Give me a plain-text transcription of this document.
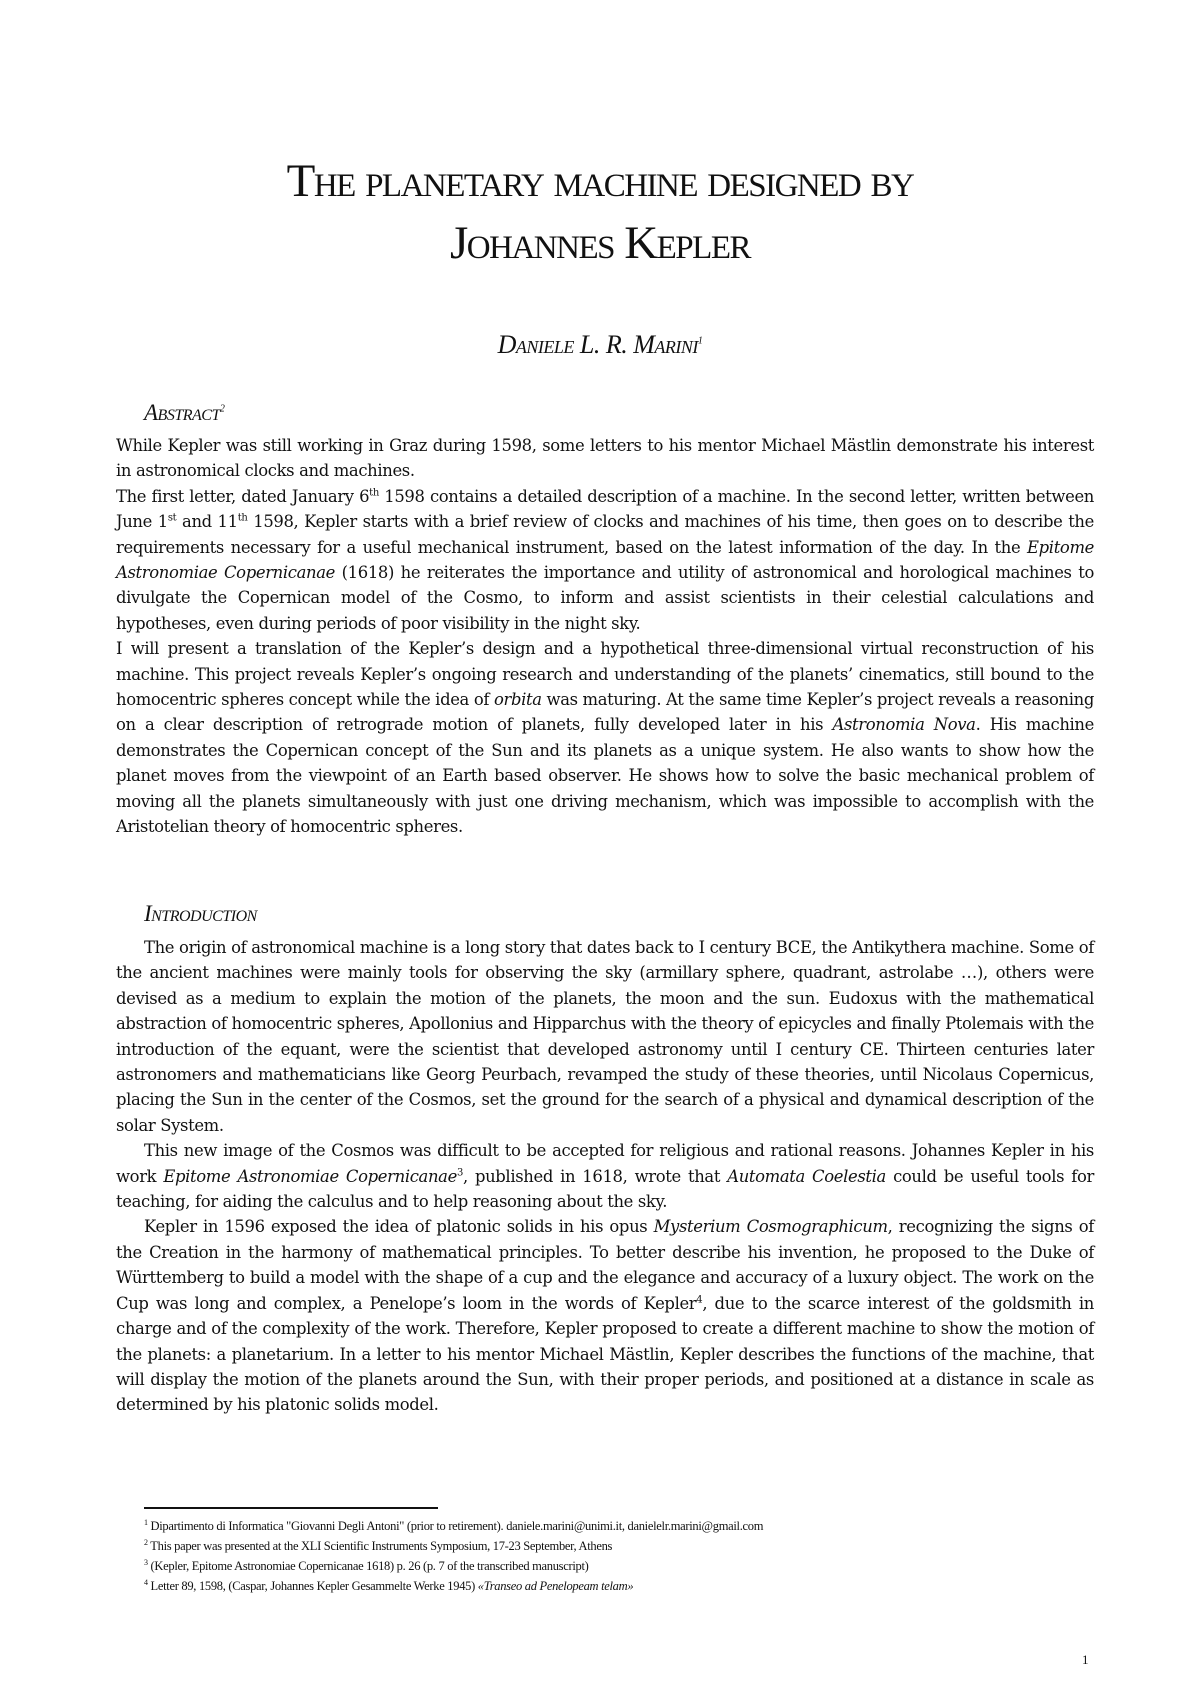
The planetary machine designed by
Johannes Kepler
Daniele L. R. Marini$^1$
Abstract$^2$

While Kepler was still working in Graz during 1598, some letters to his mentor Michael Mästlin demonstrate his interest in astronomical clocks and machines.

The first letter, dated January 6th 1598 contains a detailed description of a machine. In the second letter, written between June 1st and 11th 1598, Kepler starts with a brief review of clocks and machines of his time, then goes on to describe the requirements necessary for a useful mechanical instrument, based on the latest information of the day. In the Epitome Astronomiae Copernicanae (1618) he reiterates the importance and utility of astronomical and horological machines to divulgate the Copernican model of the Cosmo, to inform and assist scientists in their celestial calculations and hypotheses, even during periods of poor visibility in the night sky.

I will present a translation of the Kepler’s design and a hypothetical three-dimensional virtual reconstruction of his machine. This project reveals Kepler’s ongoing research and understanding of the planets’ cinematics, still bound to the homocentric spheres concept while the idea of orbita was maturing. At the same time Kepler’s project reveals a reasoning on a clear description of retrograde motion of planets, fully developed later in his Astronomia Nova. His machine demonstrates the Copernican concept of the Sun and its planets as a unique system. He also wants to show how the planet moves from the viewpoint of an Earth based observer. He shows how to solve the basic mechanical problem of moving all the planets simultaneously with just one driving mechanism, which was impossible to accomplish with the Aristotelian theory of homocentric spheres.

Introduction

The origin of astronomical machine is a long story that dates back to I century BCE, the Antikythera machine. Some of the ancient machines were mainly tools for observing the sky (armillary sphere, quadrant, astrolabe …), others were devised as a medium to explain the motion of the planets, the moon and the sun. Eudoxus with the mathematical abstraction of homocentric spheres, Apollonius and Hipparchus with the theory of epicycles and finally Ptolemais with the introduction of the equant, were the scientist that developed astronomy until I century CE. Thirteen centuries later astronomers and mathematicians like Georg Peurbach, revamped the study of these theories, until Nicolaus Copernicus, placing the Sun in the center of the Cosmos, set the ground for the search of a physical and dynamical description of the solar System.

This new image of the Cosmos was difficult to be accepted for religious and rational reasons. Johannes Kepler in his work Epitome Astronomiae Copernicanae$^3$, published in 1618, wrote that Automata Coelestia could be useful tools for teaching, for aiding the calculus and to help reasoning about the sky.

Kepler in 1596 exposed the idea of platonic solids in his opus Mysterium Cosmographicum, recognizing the signs of the Creation in the harmony of mathematical principles. To better describe his invention, he proposed to the Duke of Württemberg to build a model with the shape of a cup and the elegance and accuracy of a luxury object. The work on the Cup was long and complex, a Penelope’s loom in the words of Kepler$^4$, due to the scarce interest of the goldsmith in charge and of the complexity of the work. Therefore, Kepler proposed to create a different machine to show the motion of the planets: a planetarium. In a letter to his mentor Michael Mästlin, Kepler describes the functions of the machine, that will display the motion of the planets around the Sun, with their proper periods, and positioned at a distance in scale as determined by his platonic solids model.

$^1$ Dipartimento di Informatica "Giovanni Degli Antoni" (prior to retirement). daniele.marini@unimi.it, danielelr.marini@gmail.com
$^2$ This paper was presented at the XLI Scientific Instruments Symposium, 17-23 September, Athens
$^3$ (Kepler, Epitome Astronomiae Copernicanae 1618) p. 26 (p. 7 of the transcribed manuscript)
$^4$ Letter 89, 1598, (Caspar, Johannes Kepler Gesammelte Werke 1945) «Transeo ad Penelopeam telam»
1
